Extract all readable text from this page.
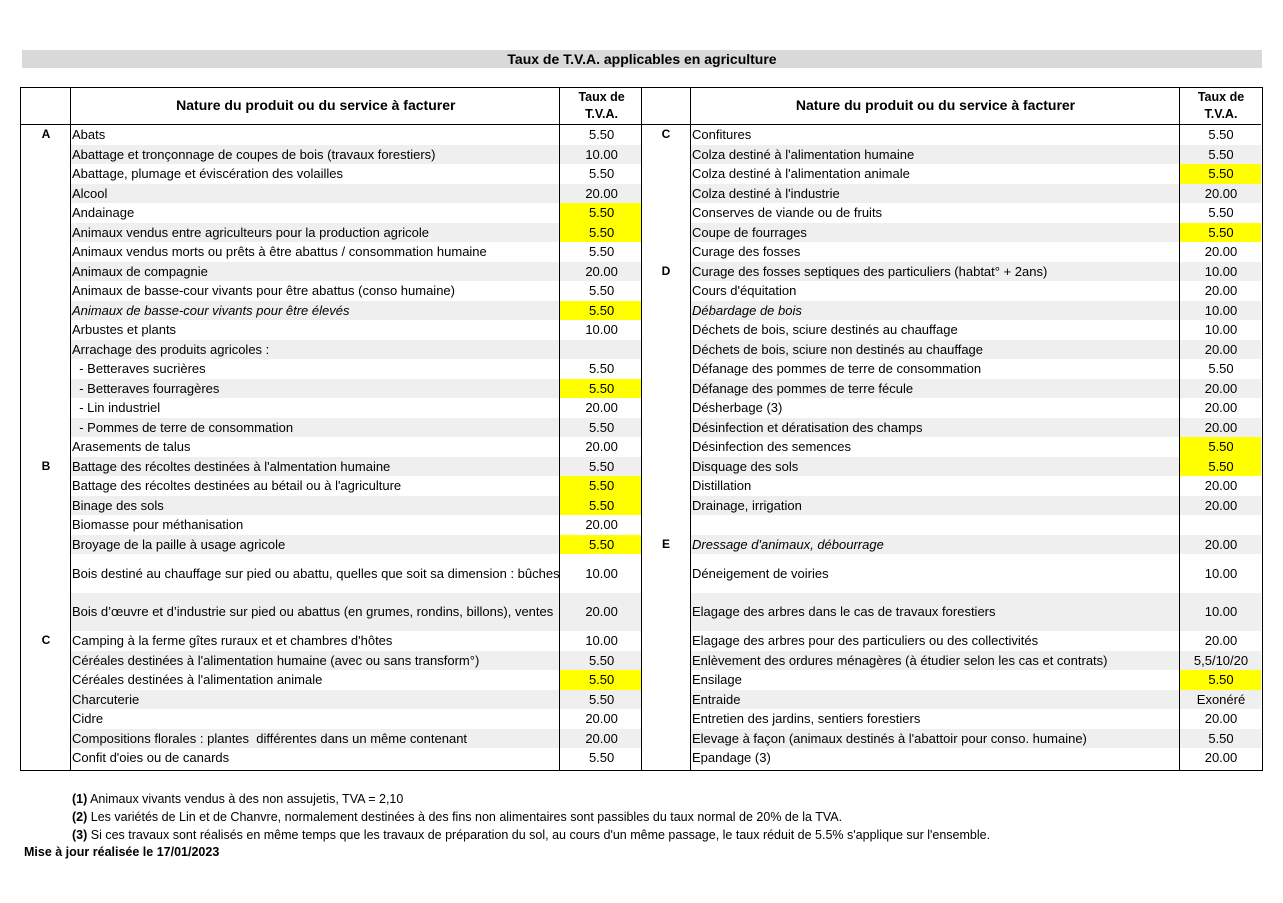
Taux de T.V.A. applicables en agriculture
	Nature du produit ou du service à facturer	Taux de
T.V.A.
A	Abats	5.50
	Abattage et tronçonnage de coupes de bois (travaux forestiers)	10.00
	Abattage, plumage et éviscération des volailles	5.50
	Alcool	20.00
	Andainage	5.50
	Animaux vendus entre agriculteurs pour la production agricole	5.50
	Animaux vendus morts ou prêts à être abattus / consommation humaine	5.50
	Animaux de compagnie	20.00
	Animaux de basse-cour vivants pour être abattus (conso humaine)	5.50
	Animaux de basse-cour vivants pour être élevés	5.50
	Arbustes et plants	10.00
	Arrachage des produits agricoles :	
	- Betteraves sucrières	5.50
	- Betteraves fourragères	5.50
	- Lin industriel	20.00
	- Pommes de terre de consommation	5.50
	Arasements de talus	20.00
B	Battage des récoltes destinées à l'almentation humaine	5.50
	Battage des récoltes destinées au bétail ou à l'agriculture	5.50
	Binage des sols	5.50
	Biomasse pour méthanisation	20.00
	Broyage de la paille à usage agricole	5.50
	Bois destiné au chauffage sur pied ou abattu, quelles que soit sa dimension : bûches	10.00
	Bois d’œuvre et d’industrie sur pied ou abattus (en grumes, rondins, billons), ventes	20.00
C	Camping à la ferme gîtes ruraux et et chambres d'hôtes	10.00
	Céréales destinées à l'alimentation humaine (avec ou sans transform°)	5.50
	Céréales destinées à l'alimentation animale	5.50
	Charcuterie	5.50
	Cidre	20.00
	Compositions florales : plantes  différentes dans un même contenant	20.00
	Confit d'oies ou de canards	5.50
	Nature du produit ou du service à facturer	Taux de
T.V.A.
C	Confitures	5.50
	Colza destiné à l'alimentation humaine	5.50
	Colza destiné à l'alimentation animale	5.50
	Colza destiné à l'industrie	20.00
	Conserves de viande ou de fruits	5.50
	Coupe de fourrages	5.50
	Curage des fosses	20.00
D	Curage des fosses septiques des particuliers (habtat° + 2ans)	10.00
	Cours d'équitation	20.00
	Débardage de bois	10.00
	Déchets de bois, sciure destinés au chauffage	10.00
	Déchets de bois, sciure non destinés au chauffage	20.00
	Défanage des pommes de terre de consommation	5.50
	Défanage des pommes de terre fécule	20.00
	Désherbage (3)	20.00
	Désinfection et dératisation des champs	20.00
	Désinfection des semences	5.50
	Disquage des sols	5.50
	Distillation	20.00
	Drainage, irrigation	20.00

E	Dressage d'animaux, débourrage	20.00
	Déneigement de voiries	10.00
	Elagage des arbres dans le cas de travaux forestiers	10.00
	Elagage des arbres pour des particuliers ou des collectivités	20.00
	Enlèvement des ordures ménagères (à étudier selon les cas et contrats)	5,5/10/20
	Ensilage	5.50
	Entraide	Exonéré
	Entretien des jardins, sentiers forestiers	20.00
	Elevage à façon (animaux destinés à l'abattoir pour conso. humaine)	5.50
	Epandage (3)	20.00
(1) Animaux vivants vendus à des non assujetis, TVA = 2,10
(2) Les variétés de Lin et de Chanvre, normalement destinées à des fins non alimentaires sont passibles du taux normal de 20% de la TVA.
(3) Si ces travaux sont réalisés en même temps que les travaux de préparation du sol, au cours d'un même passage, le taux réduit de 5.5% s'applique sur l'ensemble.
Mise à jour réalisée le 17/01/2023
